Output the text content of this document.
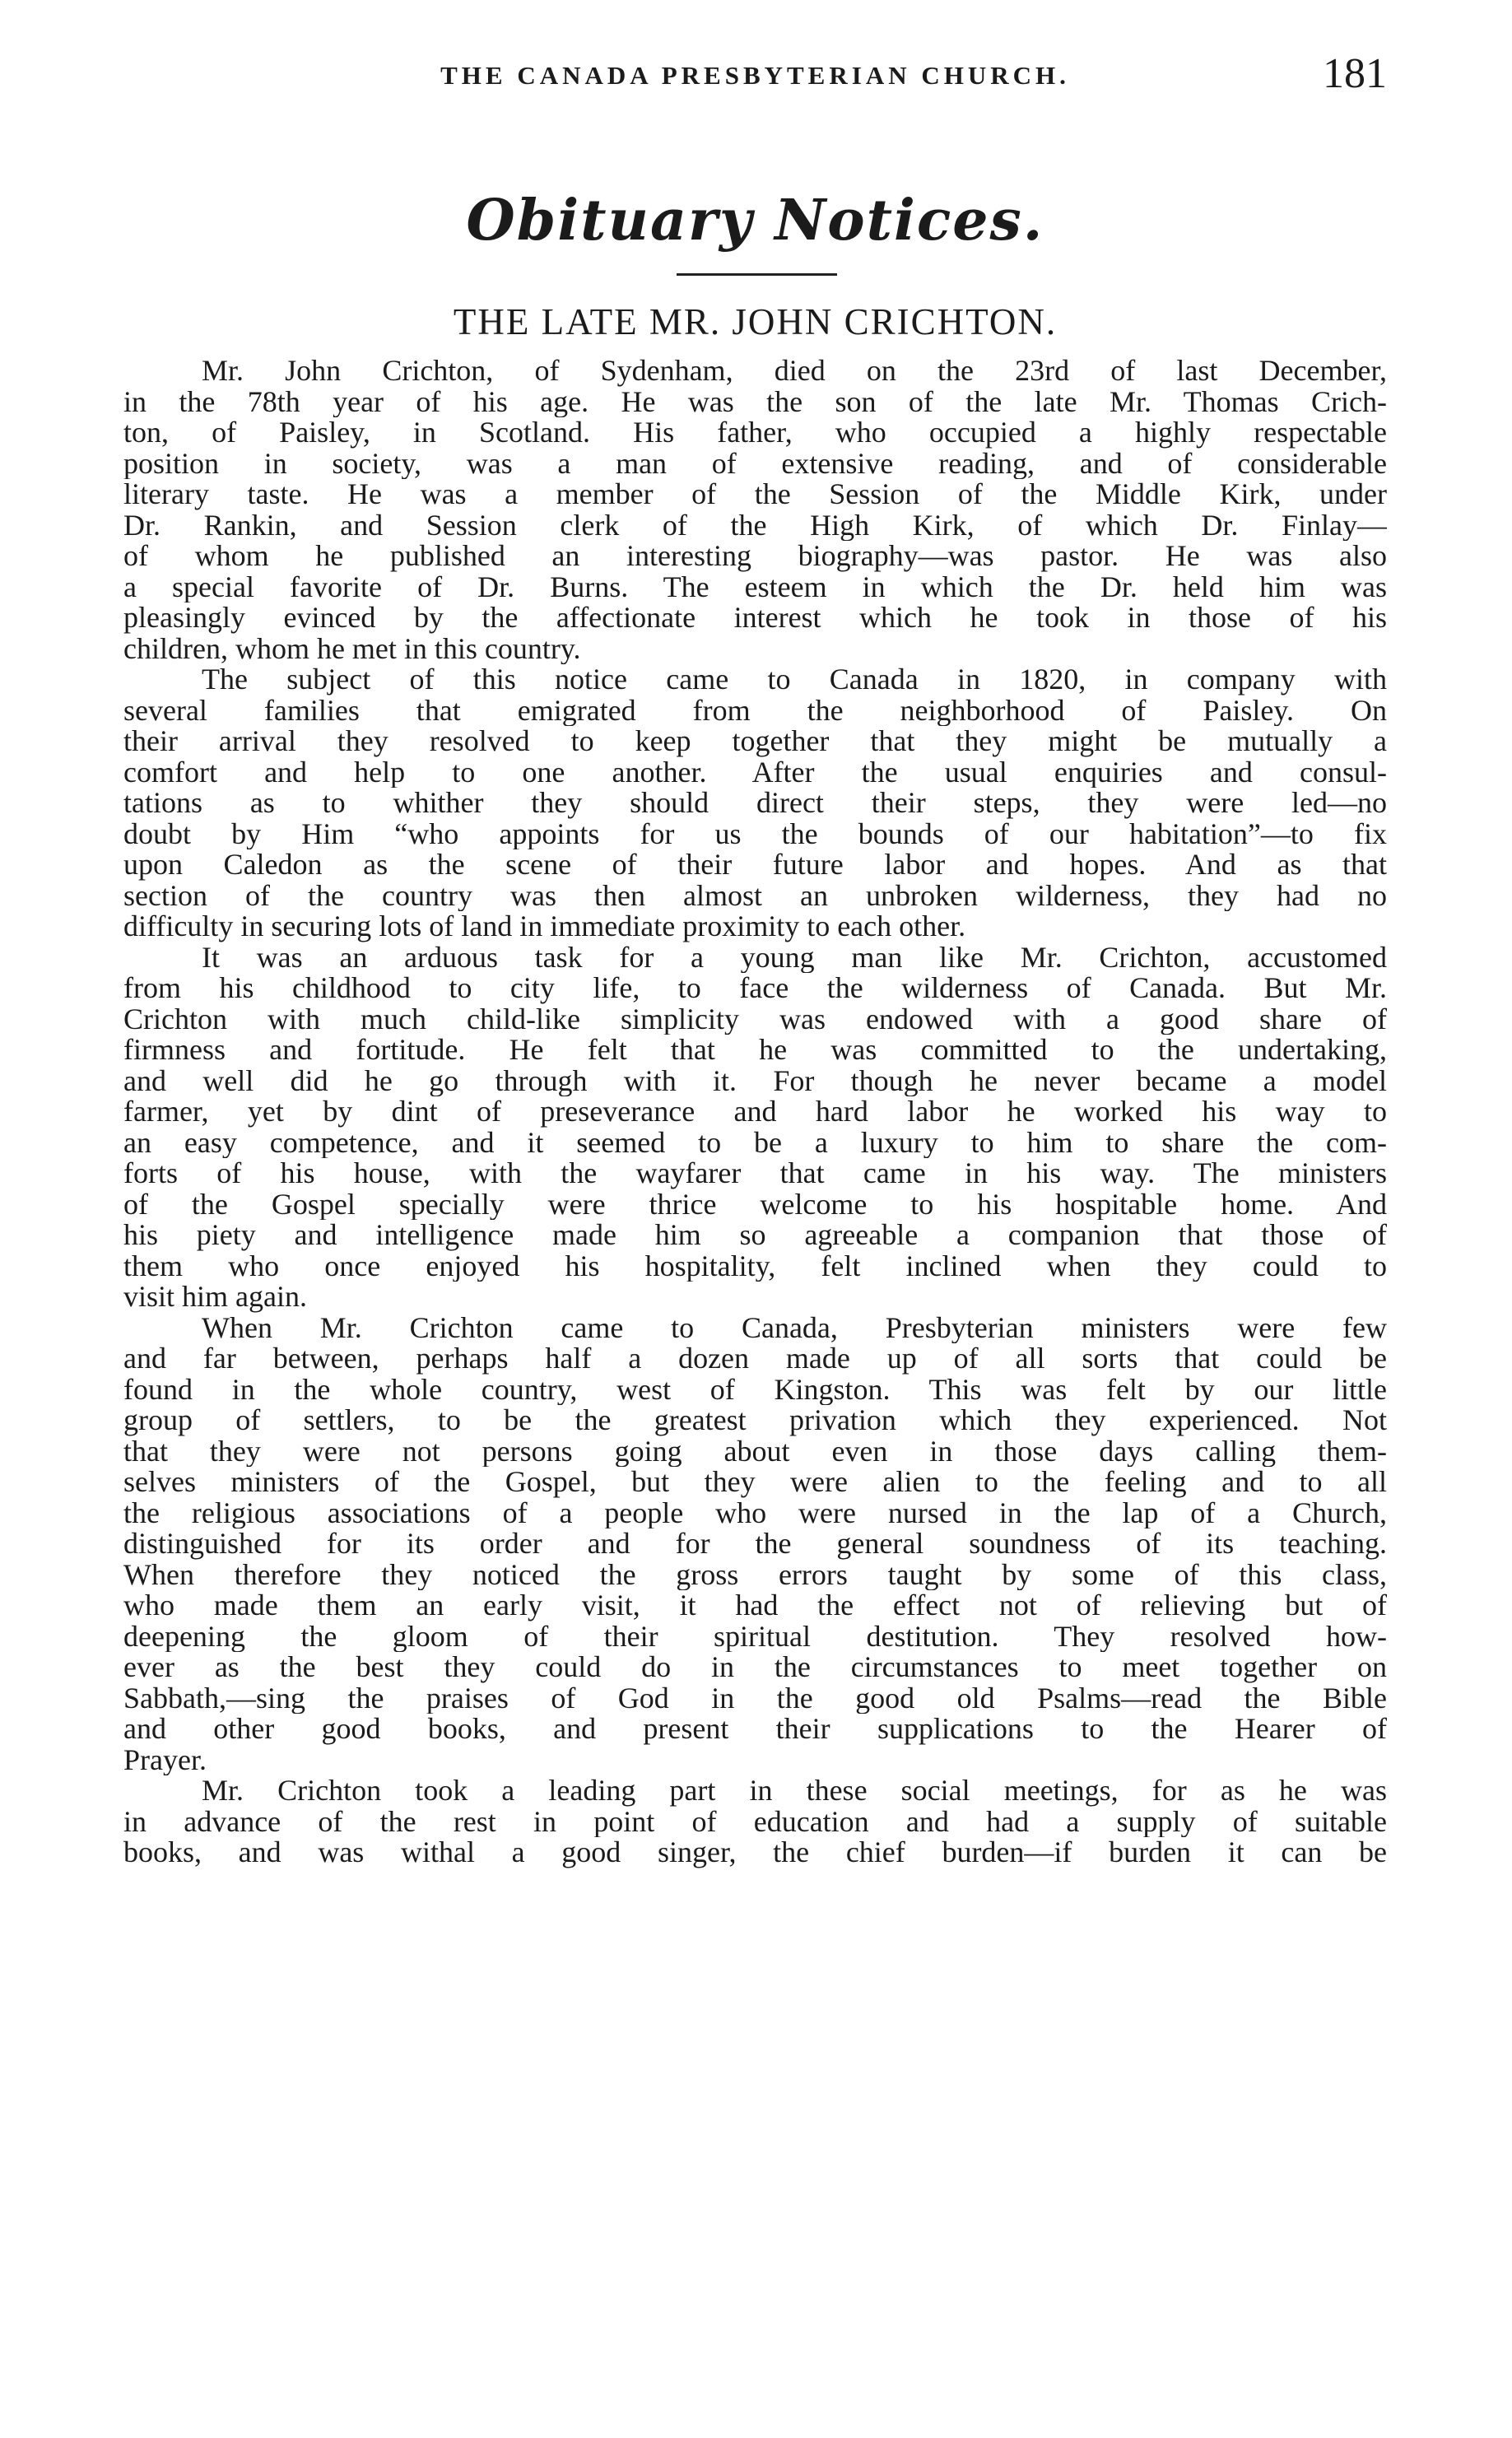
THE CANADA PRESBYTERIAN CHURCH.	181
Obituary Notices.
THE LATE MR. JOHN CRICHTON.
Mr. John Crichton, of Sydenham, died on the 23rd of last December,
in the 78th year of his age. He was the son of the late Mr. Thomas Crich-
ton, of Paisley, in Scotland. His father, who occupied a highly respectable
position in society, was a man of extensive reading, and of considerable
literary taste. He was a member of the Session of the Middle Kirk, under
Dr. Rankin, and Session clerk of the High Kirk, of which Dr. Finlay—
of whom he published an interesting biography—was pastor. He was also
a special favorite of Dr. Burns. The esteem in which the Dr. held him was
pleasingly evinced by the affectionate interest which he took in those of his
children, whom he met in this country.
The subject of this notice came to Canada in 1820, in company with
several families that emigrated from the neighborhood of Paisley. On
their arrival they resolved to keep together that they might be mutually a
comfort and help to one another. After the usual enquiries and consul-
tations as to whither they should direct their steps, they were led—no
doubt by Him “who appoints for us the bounds of our habitation”—to fix
upon Caledon as the scene of their future labor and hopes. And as that
section of the country was then almost an unbroken wilderness, they had no
difficulty in securing lots of land in immediate proximity to each other.
It was an arduous task for a young man like Mr. Crichton, accustomed
from his childhood to city life, to face the wilderness of Canada. But Mr.
Crichton with much child-like simplicity was endowed with a good share of
firmness and fortitude. He felt that he was committed to the undertaking,
and well did he go through with it. For though he never became a model
farmer, yet by dint of preseverance and hard labor he worked his way to
an easy competence, and it seemed to be a luxury to him to share the com-
forts of his house, with the wayfarer that came in his way. The ministers
of the Gospel specially were thrice welcome to his hospitable home. And
his piety and intelligence made him so agreeable a companion that those of
them who once enjoyed his hospitality, felt inclined when they could to
visit him again.
When Mr. Crichton came to Canada, Presbyterian ministers were few
and far between, perhaps half a dozen made up of all sorts that could be
found in the whole country, west of Kingston. This was felt by our little
group of settlers, to be the greatest privation which they experienced. Not
that they were not persons going about even in those days calling them-
selves ministers of the Gospel, but they were alien to the feeling and to all
the religious associations of a people who were nursed in the lap of a Church,
distinguished for its order and for the general soundness of its teaching.
When therefore they noticed the gross errors taught by some of this class,
who made them an early visit, it had the effect not of relieving but of
deepening the gloom of their spiritual destitution. They resolved how-
ever as the best they could do in the circumstances to meet together on
Sabbath,—sing the praises of God in the good old Psalms—read the Bible
and other good books, and present their supplications to the Hearer of
Prayer.
Mr. Crichton took a leading part in these social meetings, for as he was
in advance of the rest in point of education and had a supply of suitable
books, and was withal a good singer, the chief burden—if burden it can be
